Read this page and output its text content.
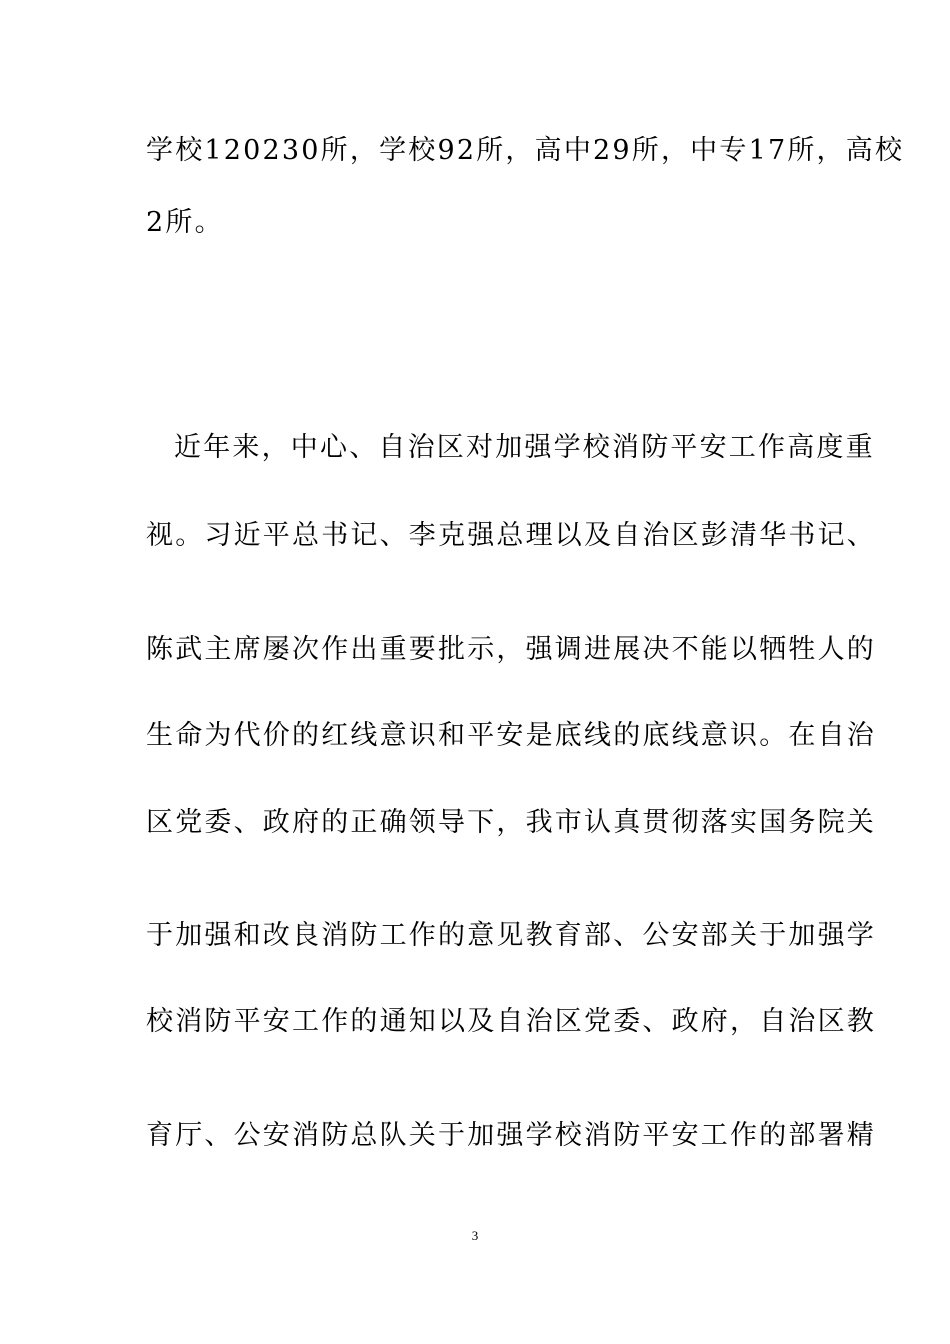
学校120230所，学校92所，高中29所，中专17所，高校
2所。
近年来，中心、自治区对加强学校消防平安工作高度重
视。习近平总书记、李克强总理以及自治区彭清华书记、
陈武主席屡次作出重要批示，强调进展决不能以牺牲人的
生命为代价的红线意识和平安是底线的底线意识。在自治
区党委、政府的正确领导下，我市认真贯彻落实国务院关
于加强和改良消防工作的意见教育部、公安部关于加强学
校消防平安工作的通知以及自治区党委、政府，自治区教
育厅、公安消防总队关于加强学校消防平安工作的部署精
3
